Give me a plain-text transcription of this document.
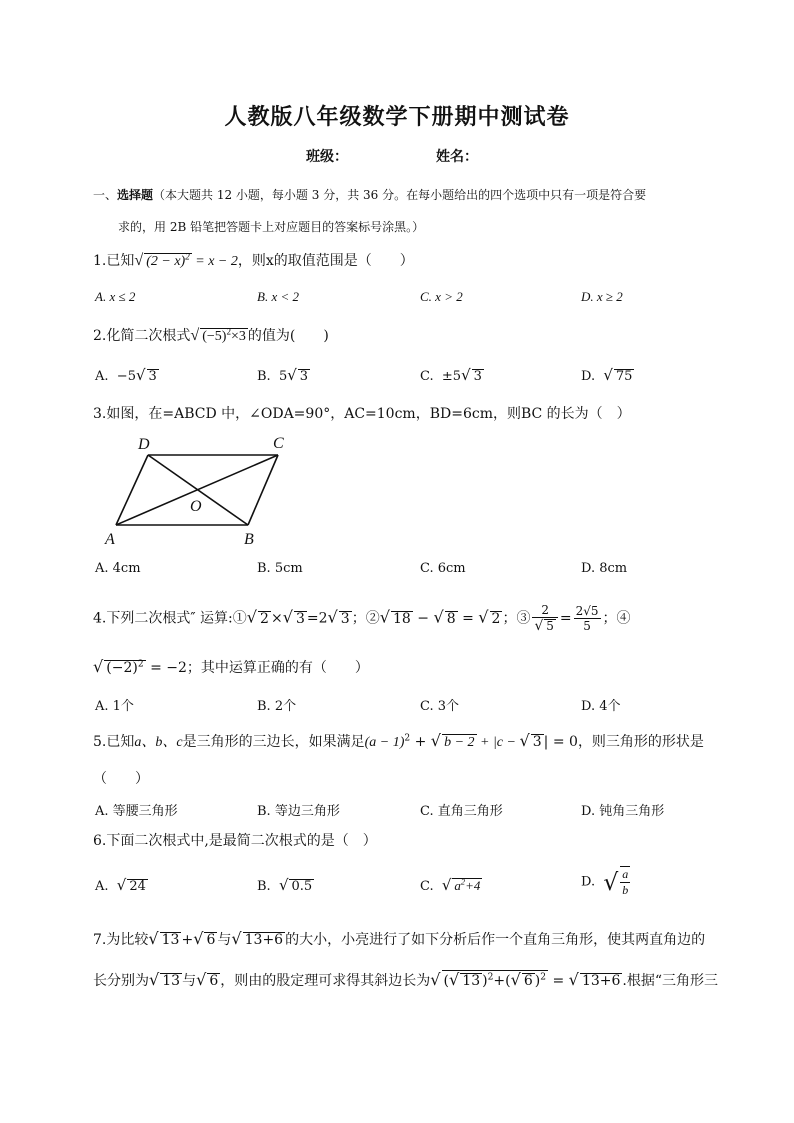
人教版八年级数学下册期中测试卷
班级：	姓名：
一、选择题（本大题共 12 小题，每小题 3 分，共 36 分。在每小题给出的四个选项中只有一项是符合要
求的，用 2B 铅笔把答题卡上对应题目的答案标号涂黑。）
1.已知√ $(2 - x)^2 = x - 2$，则x的取值范围是（　　）
A. x ≤ 2	B. x < 2	C. x > 2	D. x ≥ 2
2.化简二次根式√ $(-5)^2\times 3$ 的值为(　　)
A. −5√ 3	B. 5√ 3	C. ±5√ 3	D. √ 75
3.如图，在=ABCD 中，∠ODA=90°，AC=10cm，BD=6cm，则BC 的长为（　）
D	C
O
A	B
A. 4cm	B. 5cm	C. 6cm	D. 8cm
4.下列二次根式″ 运算:①√ 2 ×√ 3 =2√ 3 ；②√ 18 − √ 8 = √ 2 ；③ $\frac{2}{√ 5} = \frac{2√5}{5}$ ；④
√ $(-2)^2 = -2$；其中运算正确的有（　　）
A. 1个	B. 2个	C. 3个	D. 4个
5.已知a、b、c是三角形的三边长，如果满足$(a - 1)^2$ + √ b − 2 + |c − √ 3 | = 0，则三角形的形状是
（　　）
A. 等腰三角形	B. 等边三角形	C. 直角三角形	D. 钝角三角形
6.下面二次根式中,是最简二次根式的是（　）
A. √ 24	B. √ 0.5	C. √ $a^2+4$	D. √ $\frac{a}{b}$
7.为比较√ 13 +√ 6 与√ 13+6 的大小，小亮进行了如下分析后作一个直角三角形，使其两直角边的
长分别为√ 13 与√ 6 ，则由的股定理可求得其斜边长为√ (√ 13 )$^2$+(√ 6 )$^2$ = √ 13+6 .根据“三角形三
